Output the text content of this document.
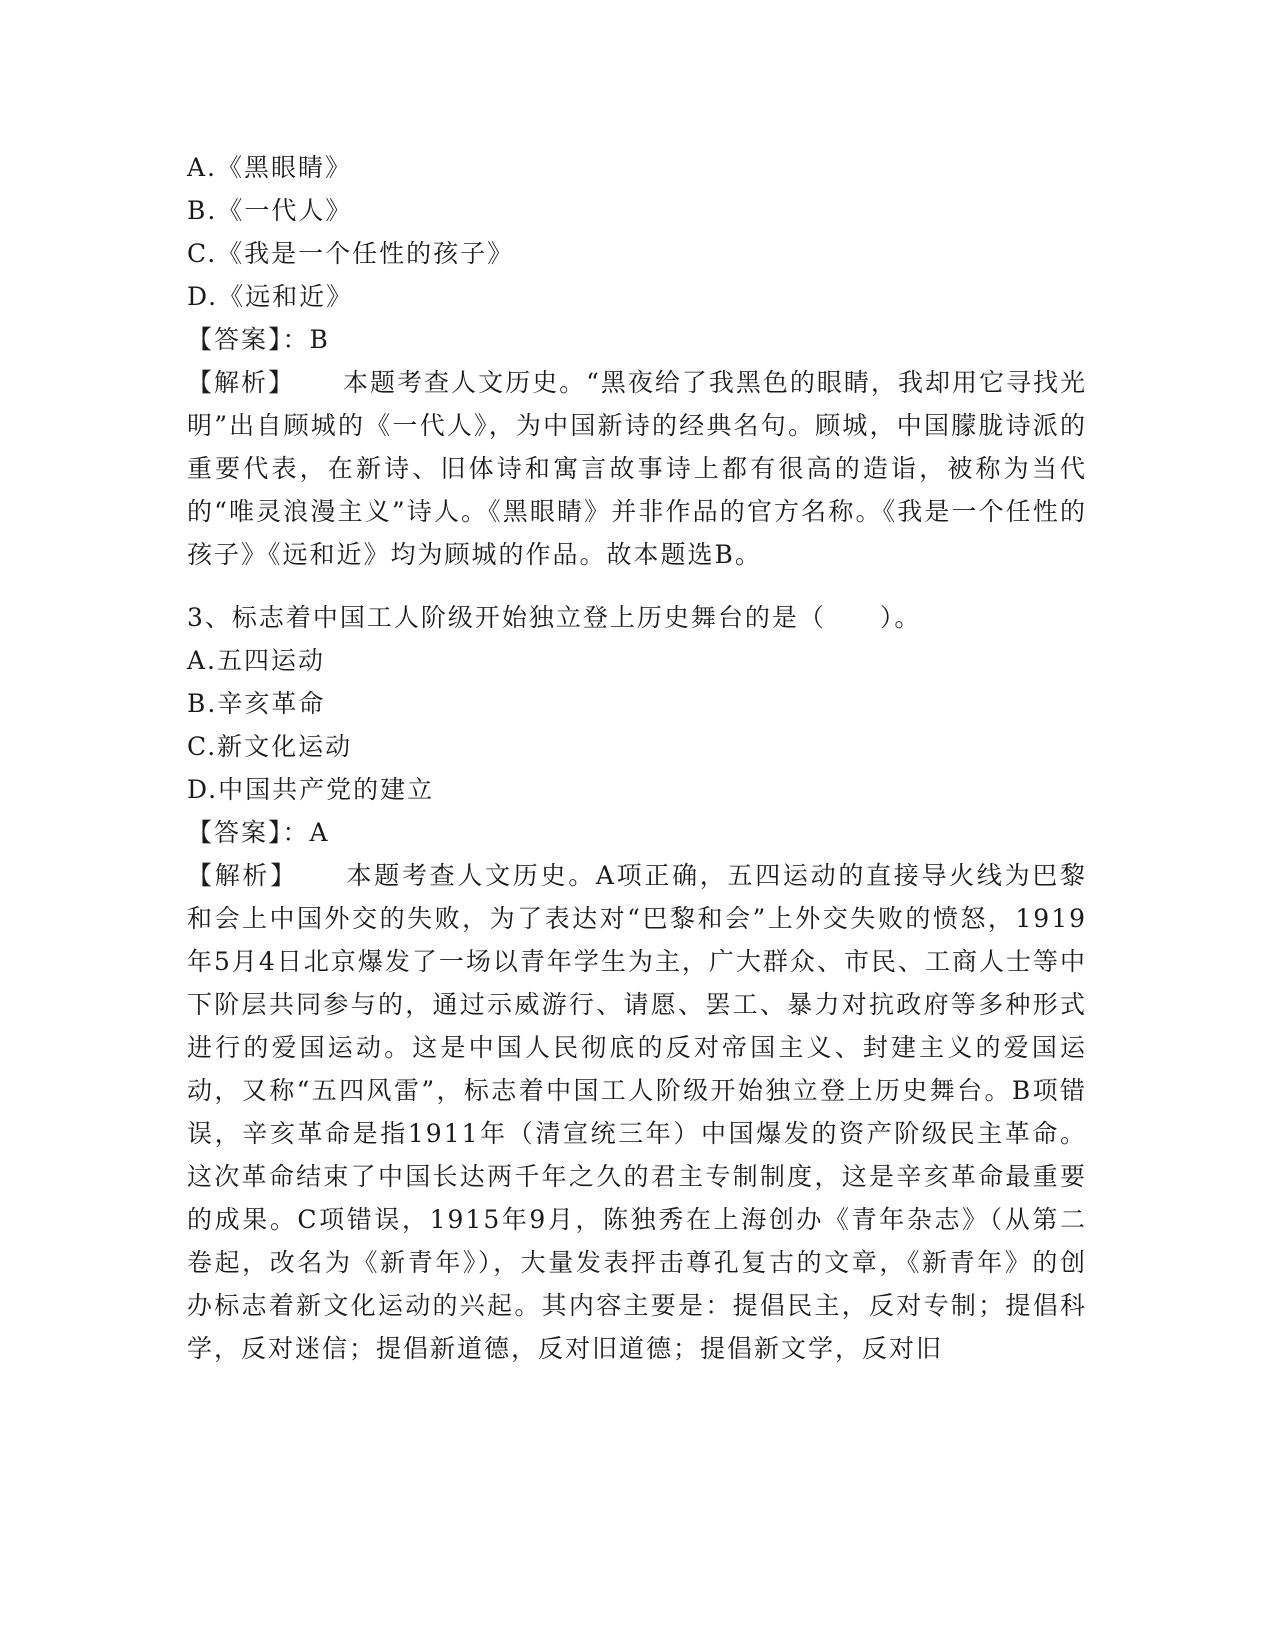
A.《黑眼睛》
B.《一代人》
C.《我是一个任性的孩子》
D.《远和近》
【答案】：B
【解析】 本题考查人文历史。“黑夜给了我黑色的眼睛，我却用它寻找光明”出自顾城的《一代人》，为中国新诗的经典名句。顾城，中国朦胧诗派的重要代表，在新诗、旧体诗和寓言故事诗上都有很高的造诣，被称为当代的“唯灵浪漫主义”诗人。《黑眼睛》并非作品的官方名称。《我是一个任性的孩子》《远和近》均为顾城的作品。故本题选B。
3、标志着中国工人阶级开始独立登上历史舞台的是（　　）。
A.五四运动
B.辛亥革命
C.新文化运动
D.中国共产党的建立
【答案】：A
【解析】 本题考查人文历史。A项正确，五四运动的直接导火线为巴黎和会上中国外交的失败，为了表达对“巴黎和会”上外交失败的愤怒，1919年5月4日北京爆发了一场以青年学生为主，广大群众、市民、工商人士等中下阶层共同参与的，通过示威游行、请愿、罢工、暴力对抗政府等多种形式进行的爱国运动。这是中国人民彻底的反对帝国主义、封建主义的爱国运动，又称“五四风雷”，标志着中国工人阶级开始独立登上历史舞台。B项错误，辛亥革命是指1911年（清宣统三年）中国爆发的资产阶级民主革命。这次革命结束了中国长达两千年之久的君主专制制度，这是辛亥革命最重要的成果。C项错误，1915年9月，陈独秀在上海创办《青年杂志》（从第二卷起，改名为《新青年》），大量发表抨击尊孔复古的文章，《新青年》的创办标志着新文化运动的兴起。其内容主要是：提倡民主，反对专制；提倡科学，反对迷信；提倡新道德，反对旧道德；提倡新文学，反对旧
